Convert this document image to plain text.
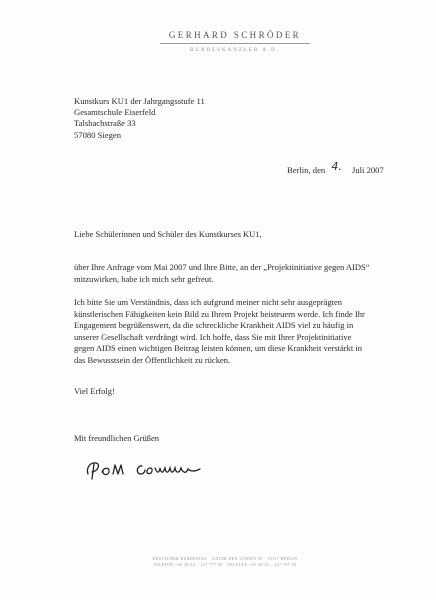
GERHARD SCHRÖDER
BUNDESKANZLER A.D.
Kunstkurs KU1 der Jahrgangsstufe 11
Gesamtschule Eiserfeld
Talsbachstraße 33
57080 Siegen
Berlin, den 4. Juli 2007
Liebe Schülerinnen und Schüler des Kunstkurses KU1,
über Ihre Anfrage vom Mai 2007 und Ihre Bitte, an der „Projektinitiative gegen AIDS“
mitzuwirken, habe ich mich sehr gefreut.
Ich bitte Sie um Verständnis, dass ich aufgrund meiner nicht sehr ausgeprägten
künstlerischen Fähigkeiten kein Bild zu Ihrem Projekt beisteuern werde. Ich finde Ihr
Engagement begrüßenswert, da die schreckliche Krankheit AIDS viel zu häufig in
unserer Gesellschaft verdrängt wird. Ich hoffe, dass Sie mit Ihrer Projektinitiative
gegen AIDS einen wichtigen Beitrag leisten können, um diese Krankheit verstärkt in
das Bewusstsein der Öffentlichkeit zu rücken.
Viel Erfolg!
Mit freundlichen Grüßen
DEUTSCHER BUNDESTAG · UNTER DEN LINDEN 50 · 10117 BERLIN
TELEFON +49 30/22 – 227 777 50 · TELEFAX +49 30/22 – 227 707 50
